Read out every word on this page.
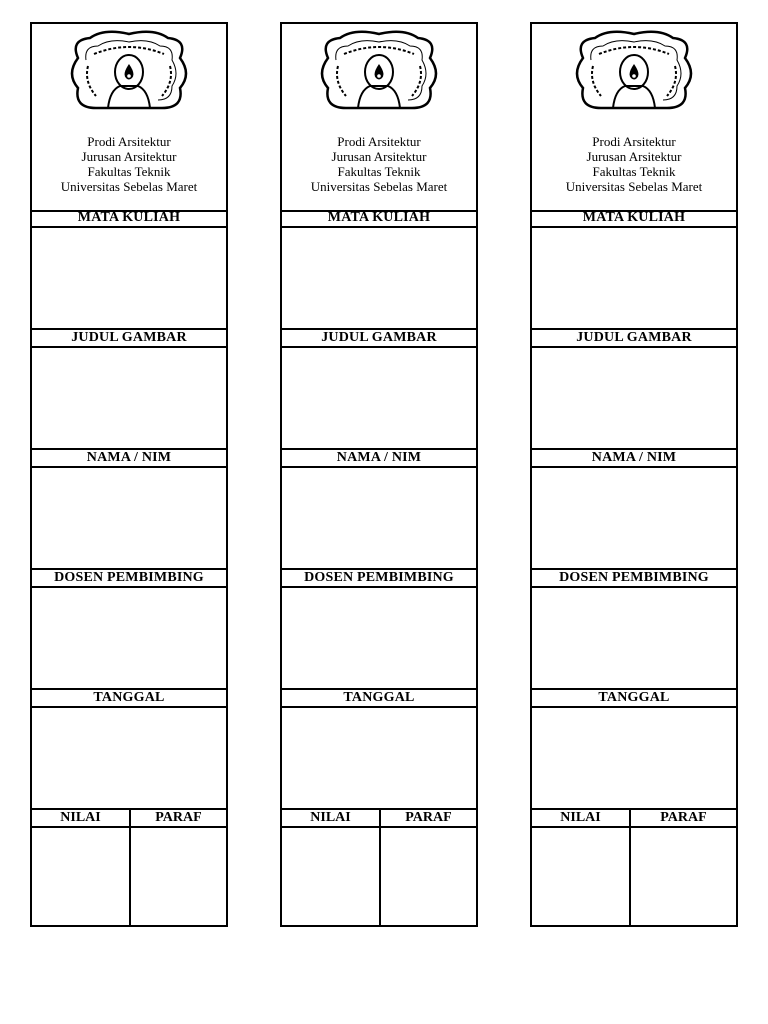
Prodi Arsitektur
Jurusan Arsitektur
Fakultas Teknik
Universitas Sebelas Maret
MATA KULIAH
JUDUL GAMBAR
NAMA / NIM
DOSEN PEMBIMBING
TANGGAL
NILAI	PARAF
Prodi Arsitektur
Jurusan Arsitektur
Fakultas Teknik
Universitas Sebelas Maret
MATA KULIAH
JUDUL GAMBAR
NAMA / NIM
DOSEN PEMBIMBING
TANGGAL
NILAI	PARAF
Prodi Arsitektur
Jurusan Arsitektur
Fakultas Teknik
Universitas Sebelas Maret
MATA KULIAH
JUDUL GAMBAR
NAMA / NIM
DOSEN PEMBIMBING
TANGGAL
NILAI	PARAF
